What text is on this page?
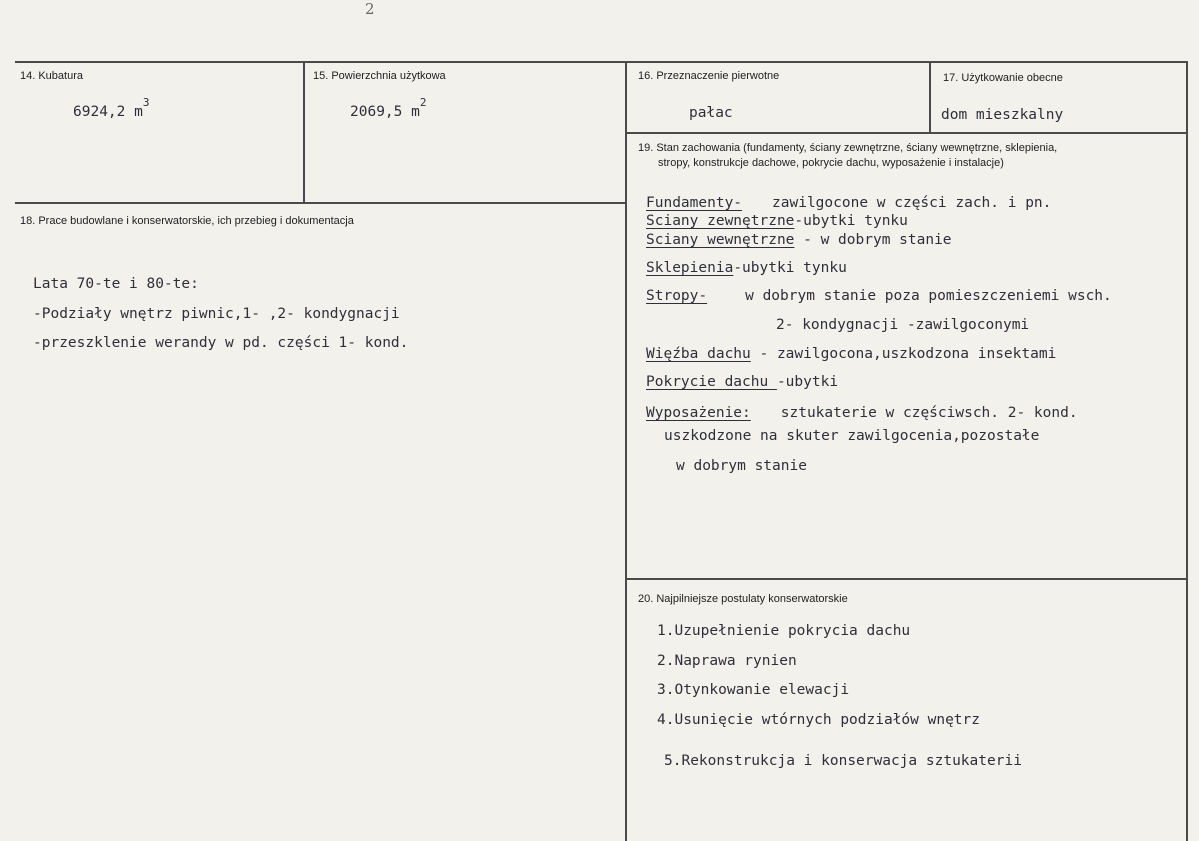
2
14. Kubatura
6924,2 $m^3$
15. Powierzchnia użytkowa
2069,5 $m^2$
16. Przeznaczenie pierwotne
pałac
17. Użytkowanie obecne
dom mieszkalny
18. Prace budowlane i konserwatorskie, ich przebieg i dokumentacja
Lata 70-te i 80-te:
-Podziały wnętrz piwnic,1- ,2- kondygnacji
-przeszklenie werandy w pd. części 1- kond.
19. Stan zachowania (fundamenty, ściany zewnętrzne, ściany wewnętrzne, sklepienia,
stropy, konstrukcje dachowe, pokrycie dachu, wyposażenie i instalacje)
Fundamenty- zawilgocone w części zach. i pn.
Sciany zewnętrzne-ubytki tynku
Sciany wewnętrzne - w dobrym stanie
Sklepienia-ubytki tynku
Stropy-	w dobrym stanie poza pomieszczeniemi wsch.
2- kondygnacji -zawilgoconymi
Więźba dachu - zawilgocona,uszkodzona insektami
Pokrycie dachu -ubytki
Wyposażenie: sztukaterie w częściwsch. 2- kond.
uszkodzone na skuter zawilgocenia,pozostałe
w dobrym stanie
20. Najpilniejsze postulaty konserwatorskie
1.Uzupełnienie pokrycia dachu
2.Naprawa rynien
3.Otynkowanie elewacji
4.Usunięcie wtórnych podziałów wnętrz
5.Rekonstrukcja i konserwacja sztukaterii
